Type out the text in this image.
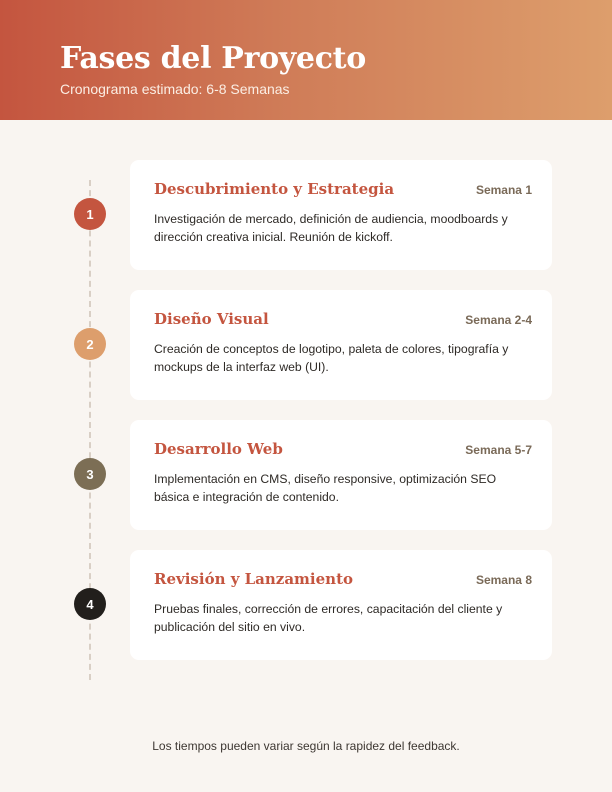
Fases del Proyecto
Cronograma estimado: 6-8 Semanas
1
Descubrimiento y Estrategia	Semana 1
Investigación de mercado, definición de audiencia, moodboards y dirección creativa inicial. Reunión de kickoff.
2
Diseño Visual	Semana 2-4
Creación de conceptos de logotipo, paleta de colores, tipografía y mockups de la interfaz web (UI).
3
Desarrollo Web	Semana 5-7
Implementación en CMS, diseño responsive, optimización SEO básica e integración de contenido.
4
Revisión y Lanzamiento	Semana 8
Pruebas finales, corrección de errores, capacitación del cliente y publicación del sitio en vivo.
Los tiempos pueden variar según la rapidez del feedback.
